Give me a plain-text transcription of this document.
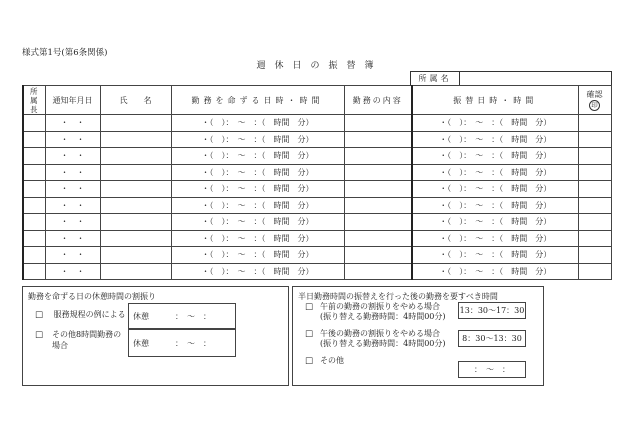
様式第1号(第6条関係)
週　休　日　の　振　替　簿
所属名
所属長	通知年月日	氏　　名	勤務を命ずる日時・時間	勤務の内容	振替日時・時間	確認
印
	・　・		・（　）：　～　：（　時間　分）		・（　）：　～　：（　時間　分）	
	・　・		・（　）：　～　：（　時間　分）		・（　）：　～　：（　時間　分）	
	・　・		・（　）：　～　：（　時間　分）		・（　）：　～　：（　時間　分）	
	・　・		・（　）：　～　：（　時間　分）		・（　）：　～　：（　時間　分）	
	・　・		・（　）：　～　：（　時間　分）		・（　）：　～　：（　時間　分）	
	・　・		・（　）：　～　：（　時間　分）		・（　）：　～　：（　時間　分）	
	・　・		・（　）：　～　：（　時間　分）		・（　）：　～　：（　時間　分）	
	・　・		・（　）：　～　：（　時間　分）		・（　）：　～　：（　時間　分）	
	・　・		・（　）：　～　：（　時間　分）		・（　）：　～　：（　時間　分）	
	・　・		・（　）：　～　：（　時間　分）		・（　）：　～　：（　時間　分）	
勤務を命ずる日の休憩時間の割振り
□ 服務規程の例による 休憩	：　～　：
□ その他8時間勤務の
場合	休憩	：　～　：
半日勤務時間の振替えを行った後の勤務を要すべき時間
□ 午前の勤務の割振りをやめる場合
(振り替える勤務時間：4時間00分)
13：30～17：30
□ 午後の勤務の割振りをやめる場合
(振り替える勤務時間：4時間00分)
8：30～13：30
□ その他
：　～　：
